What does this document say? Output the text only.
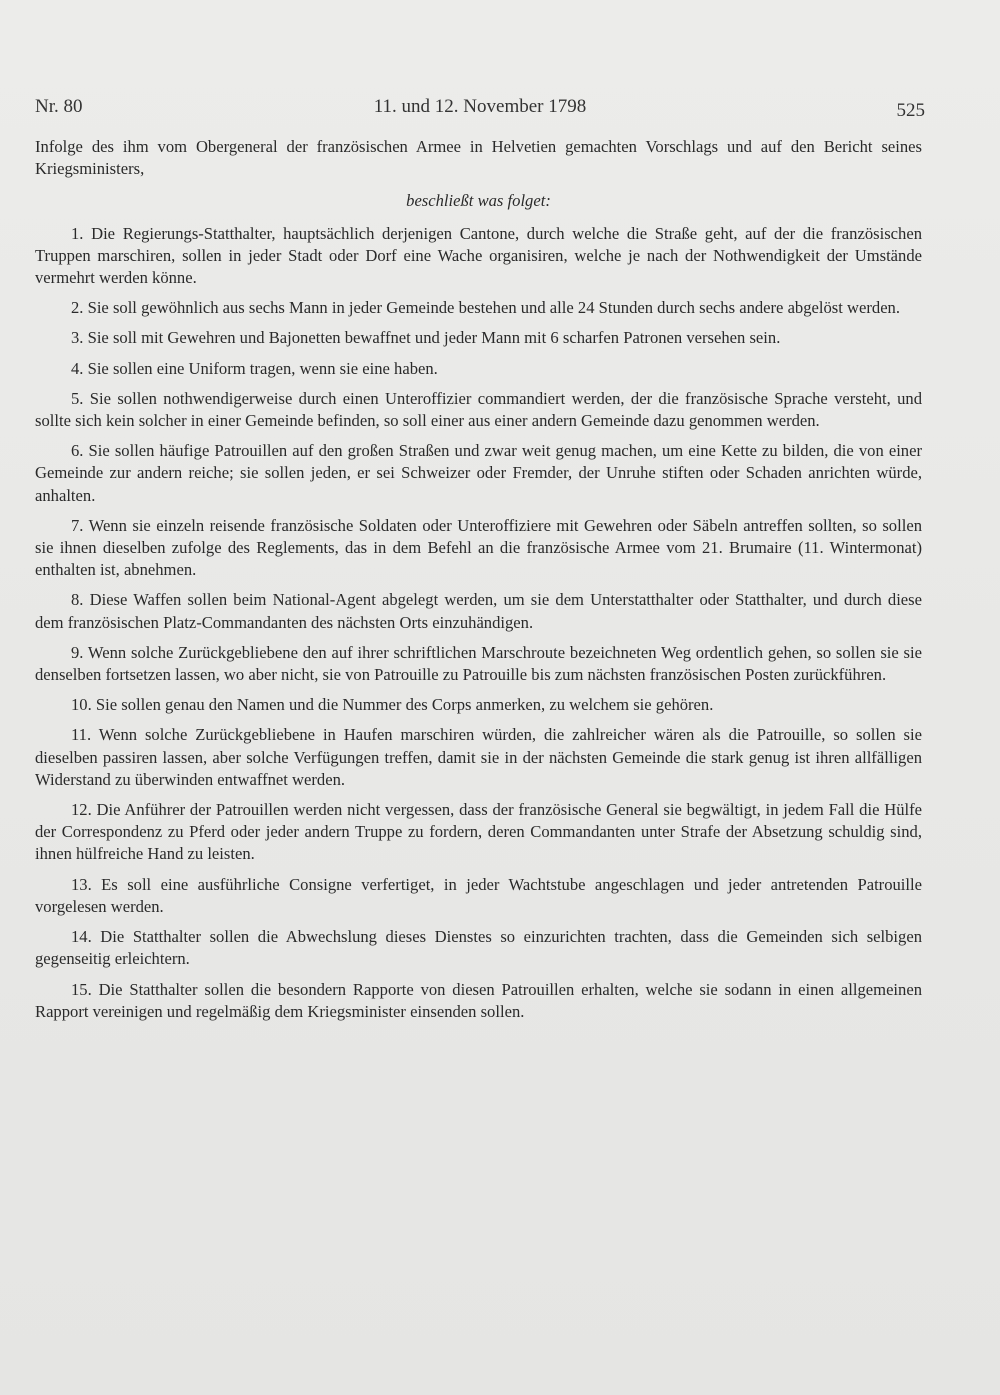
Nr. 80	11. und 12. November 1798	525

Infolge des ihm vom Obergeneral der französischen Armee in Helvetien gemachten Vorschlags und auf den Bericht seines Kriegsministers,

beschließt was folget:

1. Die Regierungs-Statthalter, hauptsächlich derjenigen Cantone, durch welche die Straße geht, auf der die französischen Truppen marschiren, sollen in jeder Stadt oder Dorf eine Wache organisiren, welche je nach der Nothwendigkeit der Umstände vermehrt werden könne.

2. Sie soll gewöhnlich aus sechs Mann in jeder Gemeinde bestehen und alle 24 Stunden durch sechs andere abgelöst werden.

3. Sie soll mit Gewehren und Bajonetten bewaffnet und jeder Mann mit 6 scharfen Patronen versehen sein.

4. Sie sollen eine Uniform tragen, wenn sie eine haben.

5. Sie sollen nothwendigerweise durch einen Unteroffizier commandiert werden, der die französische Sprache versteht, und sollte sich kein solcher in einer Gemeinde befinden, so soll einer aus einer andern Gemeinde dazu genommen werden.

6. Sie sollen häufige Patrouillen auf den großen Straßen und zwar weit genug machen, um eine Kette zu bilden, die von einer Gemeinde zur andern reiche; sie sollen jeden, er sei Schweizer oder Fremder, der Unruhe stiften oder Schaden anrichten würde, anhalten.

7. Wenn sie einzeln reisende französische Soldaten oder Unteroffiziere mit Gewehren oder Säbeln antreffen sollten, so sollen sie ihnen dieselben zufolge des Reglements, das in dem Befehl an die französische Armee vom 21. Brumaire (11. Wintermonat) enthalten ist, abnehmen.

8. Diese Waffen sollen beim National-Agent abgelegt werden, um sie dem Unterstatthalter oder Statthalter, und durch diese dem französischen Platz-Commandanten des nächsten Orts einzuhändigen.

9. Wenn solche Zurückgebliebene den auf ihrer schriftlichen Marschroute bezeichneten Weg ordentlich gehen, so sollen sie sie denselben fortsetzen lassen, wo aber nicht, sie von Patrouille zu Patrouille bis zum nächsten französischen Posten zurückführen.

10. Sie sollen genau den Namen und die Nummer des Corps anmerken, zu welchem sie gehören.

11. Wenn solche Zurückgebliebene in Haufen marschiren würden, die zahlreicher wären als die Patrouille, so sollen sie dieselben passiren lassen, aber solche Verfügungen treffen, damit sie in der nächsten Gemeinde die stark genug ist ihren allfälligen Widerstand zu überwinden entwaffnet werden.

12. Die Anführer der Patrouillen werden nicht vergessen, dass der französische General sie begwältigt, in jedem Fall die Hülfe der Correspondenz zu Pferd oder jeder andern Truppe zu fordern, deren Commandanten unter Strafe der Absetzung schuldig sind, ihnen hülfreiche Hand zu leisten.

13. Es soll eine ausführliche Consigne verfertiget, in jeder Wachtstube angeschlagen und jeder antretenden Patrouille vorgelesen werden.

14. Die Statthalter sollen die Abwechslung dieses Dienstes so einzurichten trachten, dass die Gemeinden sich selbigen gegenseitig erleichtern.

15. Die Statthalter sollen die besondern Rapporte von diesen Patrouillen erhalten, welche sie sodann in einen allgemeinen Rapport vereinigen und regelmäßig dem Kriegsminister einsenden sollen.
